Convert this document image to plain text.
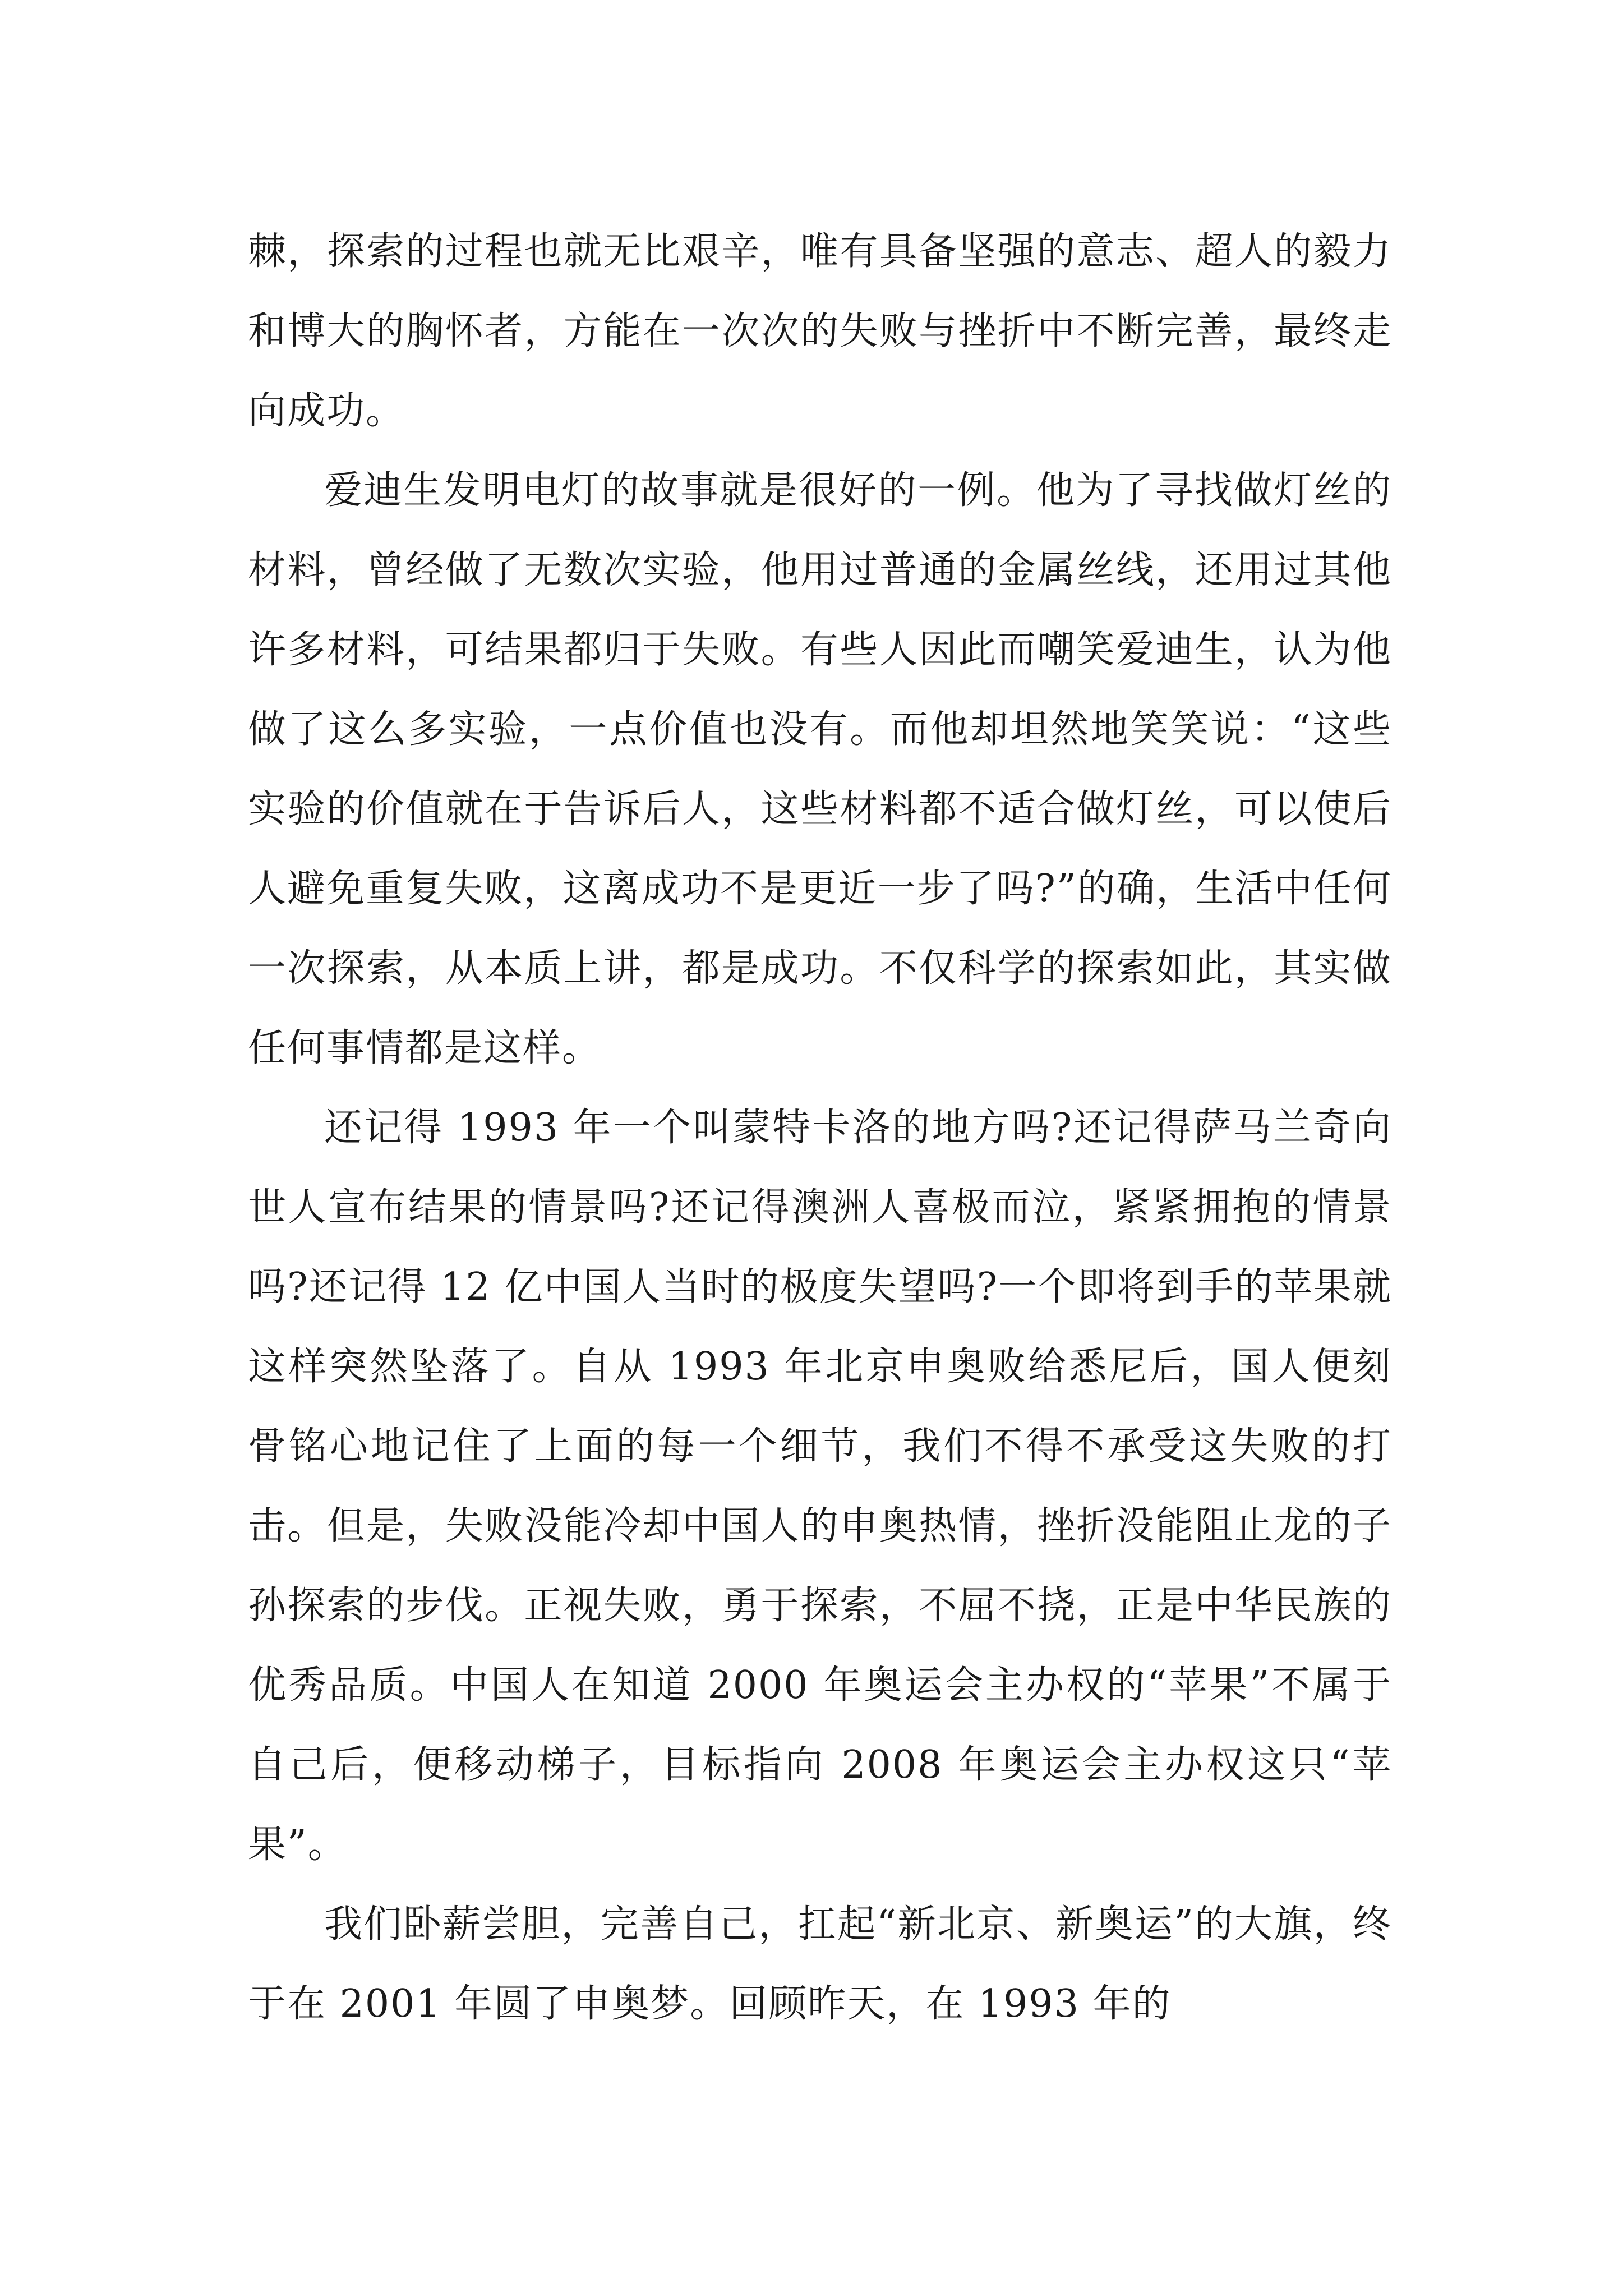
棘，探索的过程也就无比艰辛，唯有具备坚强的意志、超人的毅力和博大的胸怀者，方能在一次次的失败与挫折中不断完善，最终走向成功。

爱迪生发明电灯的故事就是很好的一例。他为了寻找做灯丝的材料，曾经做了无数次实验，他用过普通的金属丝线，还用过其他许多材料，可结果都归于失败。有些人因此而嘲笑爱迪生，认为他做了这么多实验，一点价值也没有。而他却坦然地笑笑说：“这些实验的价值就在于告诉后人，这些材料都不适合做灯丝，可以使后人避免重复失败，这离成功不是更近一步了吗?”的确，生活中任何一次探索，从本质上讲，都是成功。不仅科学的探索如此，其实做任何事情都是这样。

还记得 1993 年一个叫蒙特卡洛的地方吗?还记得萨马兰奇向世人宣布结果的情景吗?还记得澳洲人喜极而泣，紧紧拥抱的情景吗?还记得 12 亿中国人当时的极度失望吗?一个即将到手的苹果就这样突然坠落了。自从 1993 年北京申奥败给悉尼后，国人便刻骨铭心地记住了上面的每一个细节，我们不得不承受这失败的打击。但是，失败没能冷却中国人的申奥热情，挫折没能阻止龙的子孙探索的步伐。正视失败，勇于探索，不屈不挠，正是中华民族的优秀品质。中国人在知道 2000 年奥运会主办权的“苹果”不属于自己后，便移动梯子，目标指向 2008 年奥运会主办权这只“苹果”。

我们卧薪尝胆，完善自己，扛起“新北京、新奥运”的大旗，终于在 2001 年圆了申奥梦。回顾昨天，在 1993 年的
